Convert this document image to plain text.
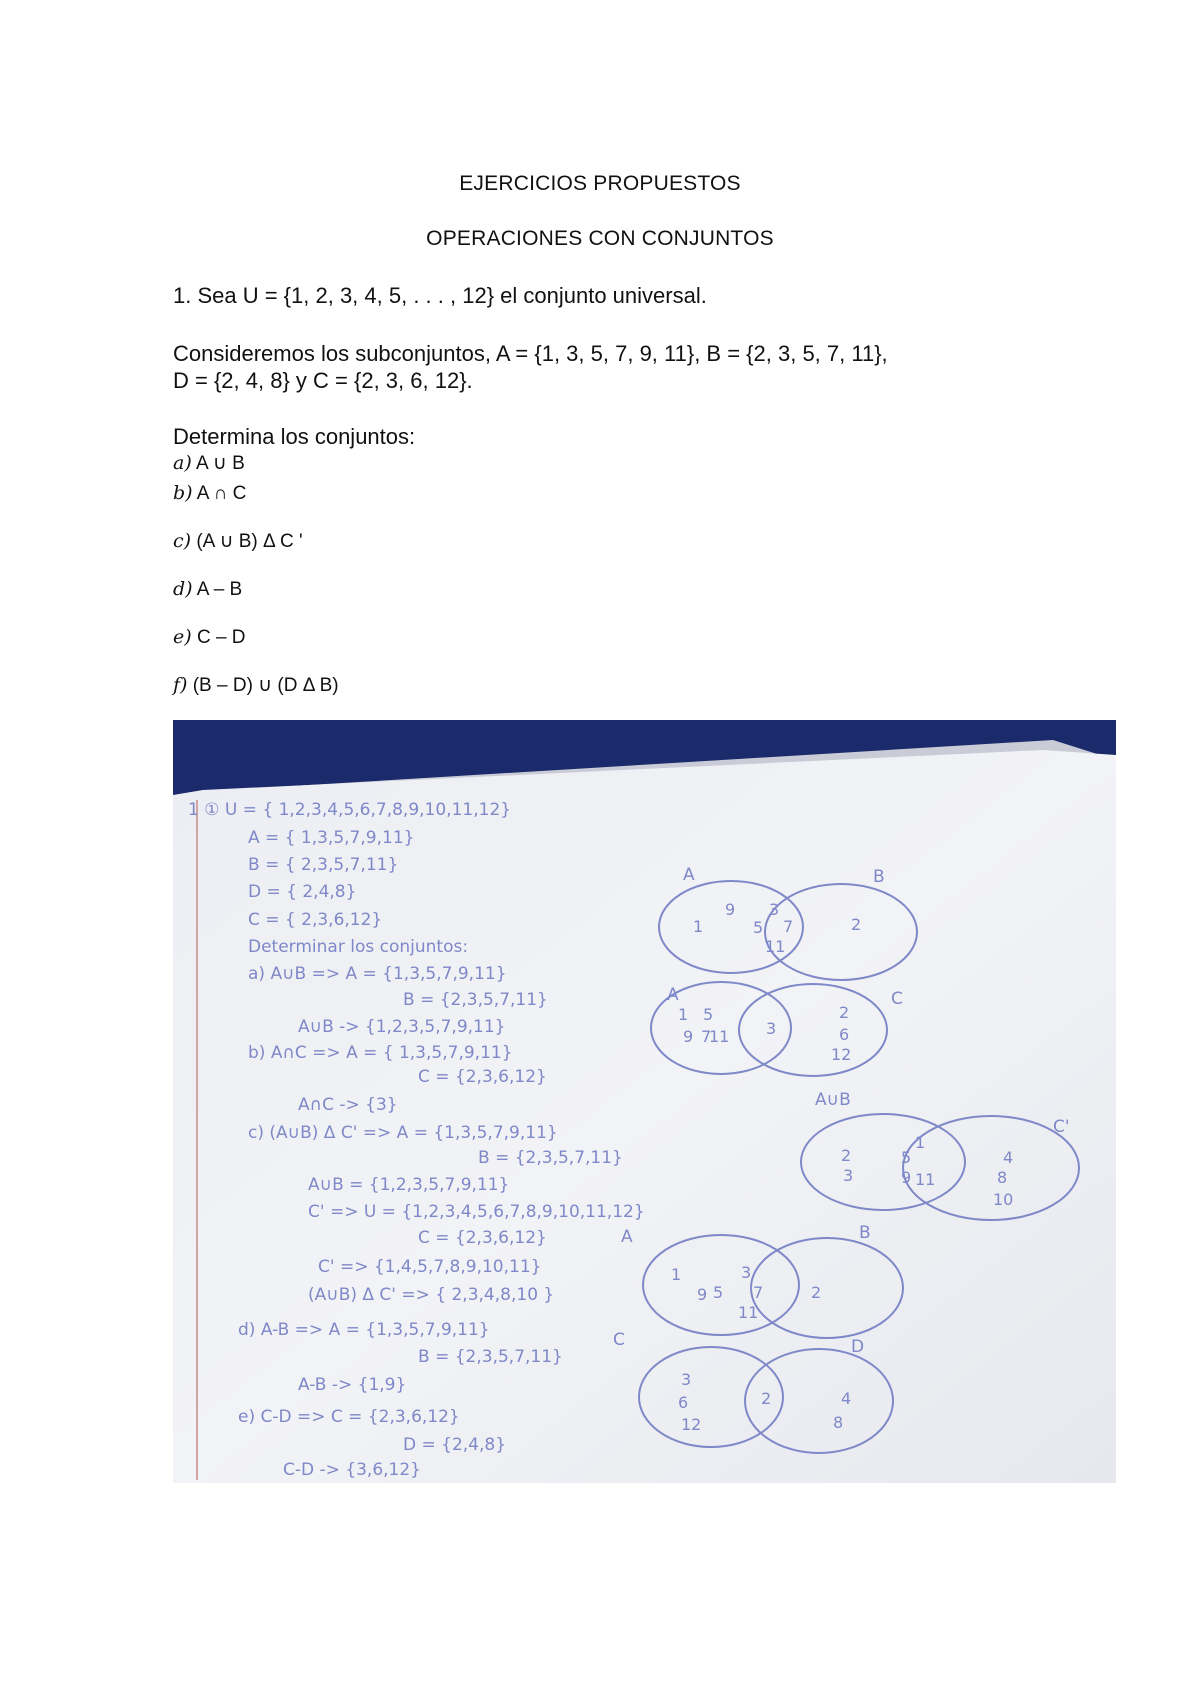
EJERCICIOS PROPUESTOS
OPERACIONES CON CONJUNTOS
1. Sea U = {1, 2, 3, 4, 5, . . . , 12} el conjunto universal.
Consideremos los subconjuntos, A = {1, 3, 5, 7, 9, 11}, B = {2, 3, 5, 7, 11},
D = {2, 4, 8} y C = {2, 3, 6, 12}.
Determina los conjuntos:
a) A ∪ B
b) A ∩ C
c) (A ∪ B) Δ C '
d) A – B
e) C – D
f) (B – D) ∪ (D Δ B)
1 ① U = { 1,2,3,4,5,6,7,8,9,10,11,12}
A = { 1,3,5,7,9,11}
B = { 2,3,5,7,11}
D = { 2,4,8}
C = { 2,3,6,12}
Determinar los conjuntos:
a) A∪B => A = {1,3,5,7,9,11}
B = {2,3,5,7,11}
A∪B -> {1,2,3,5,7,9,11}
b) A∩C => A = { 1,3,5,7,9,11}
C = {2,3,6,12}
A∩C -> {3}
c) (A∪B) Δ C' => A = {1,3,5,7,9,11}
B = {2,3,5,7,11}
A∪B = {1,2,3,5,7,9,11}
C' => U = {1,2,3,4,5,6,7,8,9,10,11,12}
C = {2,3,6,12}
C' => {1,4,5,7,8,9,10,11}
(A∪B) Δ C' => { 2,3,4,8,10 }
d) A-B => A = {1,3,5,7,9,11}
B = {2,3,5,7,11}
A-B -> {1,9}
e) C-D => C = {2,3,6,12}
D = {2,4,8}
C-D -> {3,6,12}
A	B
A	C
A∪B
C'
A	B
C	D
1
9 3
5 7
11
2
1 5
7
9 11 3
2
6
12
2
3
5
1
9 11
4
8
10
1
9
3
5 7
11
2
3
6
12
2	4
8
